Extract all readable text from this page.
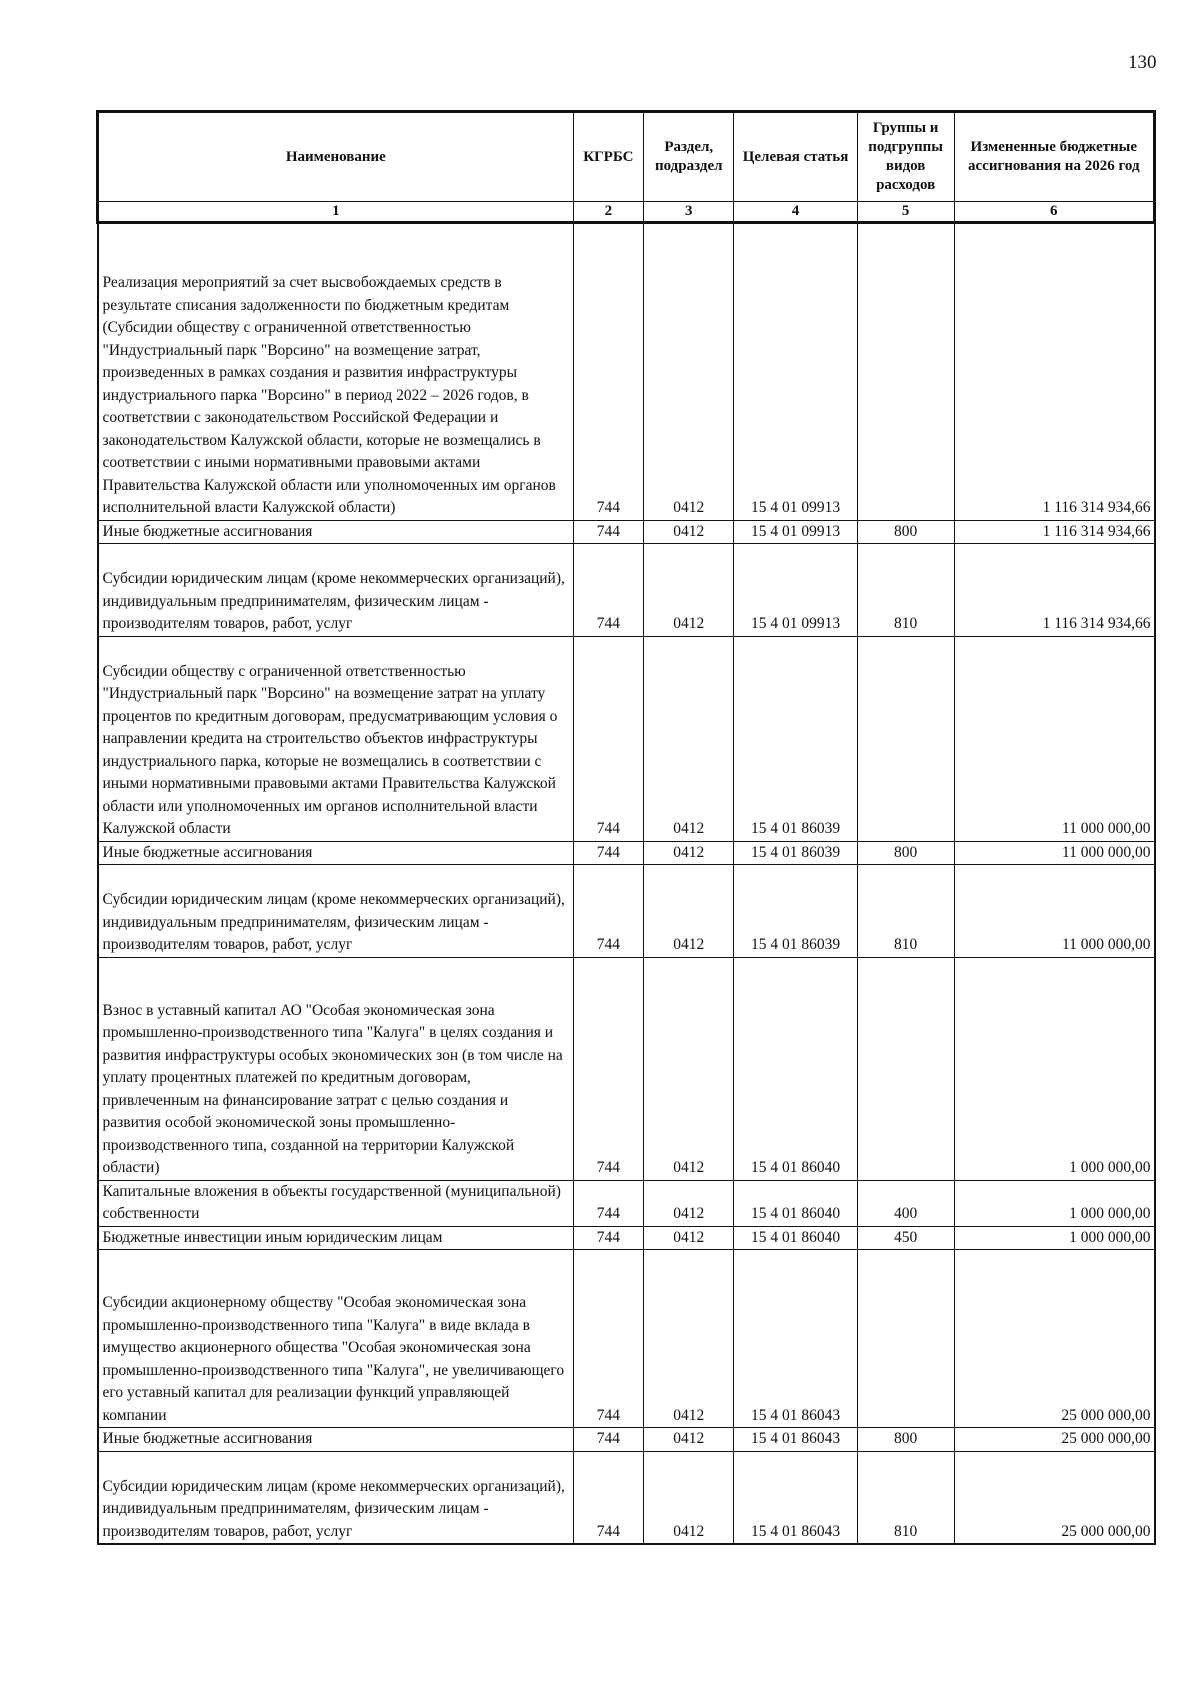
130
Наименование	КГРБС	Раздел, подраздел	Целевая статья	Группы и подгруппы видов расходов	Измененные бюджетные ассигнования на 2026 год
1	2	3	4	5	6
Реализация мероприятий за счет высвобождаемых средств в результате списания задолженности по бюджетным кредитам (Субсидии обществу с ограниченной ответственностью "Индустриальный парк "Ворсино" на возмещение затрат, произведенных в рамках создания и развития инфраструктуры индустриального парка "Ворсино" в период 2022 – 2026 годов, в соответствии с законодательством Российской Федерации и законодательством Калужской области, которые не возмещались в соответствии с иными нормативными правовыми актами Правительства Калужской области или уполномоченных им органов исполнительной власти Калужской области)	744	0412	15 4 01 09913		1 116 314 934,66
Иные бюджетные ассигнования	744	0412	15 4 01 09913	800	1 116 314 934,66
Субсидии юридическим лицам (кроме некоммерческих организаций), индивидуальным предпринимателям, физическим лицам - производителям товаров, работ, услуг	744	0412	15 4 01 09913	810	1 116 314 934,66
Субсидии обществу с ограниченной ответственностью "Индустриальный парк "Ворсино" на возмещение затрат на уплату процентов по кредитным договорам, предусматривающим условия о направлении кредита на строительство объектов инфраструктуры индустриального парка, которые не возмещались в соответствии с иными нормативными правовыми актами Правительства Калужской области или уполномоченных им органов исполнительной власти Калужской области	744	0412	15 4 01 86039		11 000 000,00
Иные бюджетные ассигнования	744	0412	15 4 01 86039	800	11 000 000,00
Субсидии юридическим лицам (кроме некоммерческих организаций), индивидуальным предпринимателям, физическим лицам - производителям товаров, работ, услуг	744	0412	15 4 01 86039	810	11 000 000,00
Взнос в уставный капитал АО "Особая экономическая зона промышленно-производственного типа "Калуга" в целях создания и развития инфраструктуры особых экономических зон (в том числе на уплату процентных платежей по кредитным договорам, привлеченным на финансирование затрат с целью создания и развития особой экономической зоны промышленно-производственного типа, созданной на территории Калужской области)	744	0412	15 4 01 86040		1 000 000,00
Капитальные вложения в объекты государственной (муниципальной) собственности	744	0412	15 4 01 86040	400	1 000 000,00
Бюджетные инвестиции иным юридическим лицам	744	0412	15 4 01 86040	450	1 000 000,00
Субсидии акционерному обществу "Особая экономическая зона промышленно-производственного типа "Калуга" в виде вклада в имущество акционерного общества "Особая экономическая зона промышленно-производственного типа "Калуга", не увеличивающего его уставный капитал для реализации функций управляющей компании	744	0412	15 4 01 86043		25 000 000,00
Иные бюджетные ассигнования	744	0412	15 4 01 86043	800	25 000 000,00
Субсидии юридическим лицам (кроме некоммерческих организаций), индивидуальным предпринимателям, физическим лицам - производителям товаров, работ, услуг	744	0412	15 4 01 86043	810	25 000 000,00
